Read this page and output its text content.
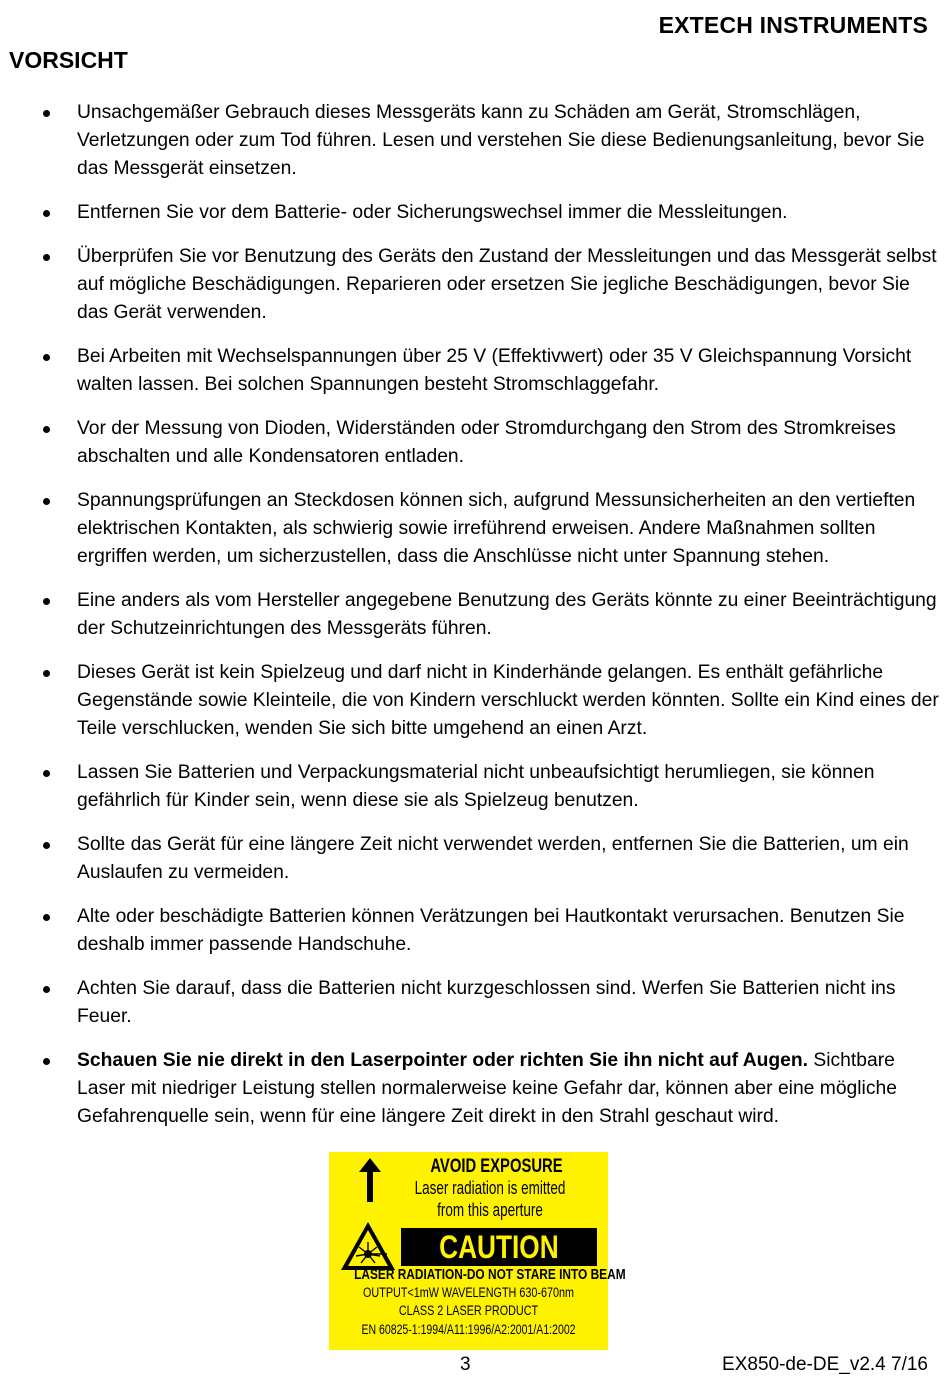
EXTECH INSTRUMENTS
VORSICHT
Unsachgemäßer Gebrauch dieses Messgeräts kann zu Schäden am Gerät, Stromschlägen, Verletzungen oder zum Tod führen. Lesen und verstehen Sie diese Bedienungsanleitung, bevor Sie das Messgerät einsetzen.
Entfernen Sie vor dem Batterie- oder Sicherungswechsel immer die Messleitungen.
Überprüfen Sie vor Benutzung des Geräts den Zustand der Messleitungen und das Messgerät selbst auf mögliche Beschädigungen. Reparieren oder ersetzen Sie jegliche Beschädigungen, bevor Sie das Gerät verwenden.
Bei Arbeiten mit Wechselspannungen über 25 V (Effektivwert) oder 35 V Gleichspannung Vorsicht walten lassen. Bei solchen Spannungen besteht Stromschlaggefahr.
Vor der Messung von Dioden, Widerständen oder Stromdurchgang den Strom des Stromkreises abschalten und alle Kondensatoren entladen.
Spannungsprüfungen an Steckdosen können sich, aufgrund Messunsicherheiten an den vertieften elektrischen Kontakten, als schwierig sowie irreführend erweisen. Andere Maßnahmen sollten ergriffen werden, um sicherzustellen, dass die Anschlüsse nicht unter Spannung stehen.
Eine anders als vom Hersteller angegebene Benutzung des Geräts könnte zu einer Beeinträchtigung der Schutzeinrichtungen des Messgeräts führen.
Dieses Gerät ist kein Spielzeug und darf nicht in Kinderhände gelangen. Es enthält gefährliche Gegenstände sowie Kleinteile, die von Kindern verschluckt werden könnten. Sollte ein Kind eines der Teile verschlucken, wenden Sie sich bitte umgehend an einen Arzt.
Lassen Sie Batterien und Verpackungsmaterial nicht unbeaufsichtigt herumliegen, sie können gefährlich für Kinder sein, wenn diese sie als Spielzeug benutzen.
Sollte das Gerät für eine längere Zeit nicht verwendet werden, entfernen Sie die Batterien, um ein Auslaufen zu vermeiden.
Alte oder beschädigte Batterien können Verätzungen bei Hautkontakt verursachen. Benutzen Sie deshalb immer passende Handschuhe.
Achten Sie darauf, dass die Batterien nicht kurzgeschlossen sind. Werfen Sie Batterien nicht ins Feuer.
Schauen Sie nie direkt in den Laserpointer oder richten Sie ihn nicht auf Augen. Sichtbare Laser mit niedriger Leistung stellen normalerweise keine Gefahr dar, können aber eine mögliche Gefahrenquelle sein, wenn für eine längere Zeit direkt in den Strahl geschaut wird.
AVOID EXPOSURE
Laser radiation is emitted
from this aperture
CAUTION
LASER RADIATION-DO NOT STARE INTO BEAM
OUTPUT<1mW WAVELENGTH 630-670nm
CLASS 2 LASER PRODUCT
EN 60825-1:1994/A11:1996/A2:2001/A1:2002
3	EX850-de-DE_v2.4 7/16
